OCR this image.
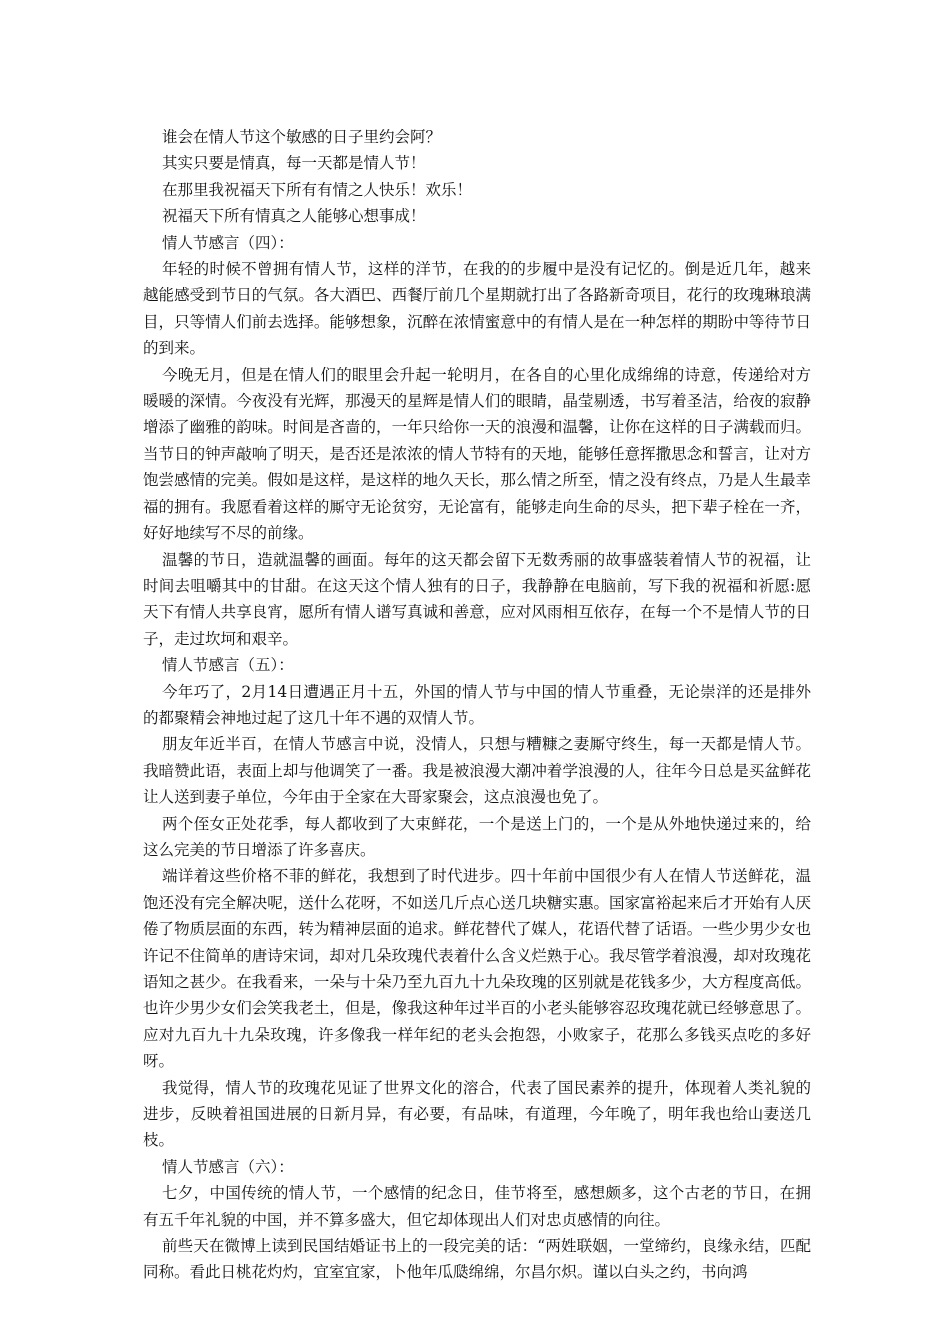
谁会在情人节这个敏感的日子里约会阿？

其实只要是情真，每一天都是情人节！

在那里我祝福天下所有有情之人快乐！欢乐！

祝福天下所有情真之人能够心想事成！

情人节感言（四）：

年轻的时候不曾拥有情人节，这样的洋节，在我的的步履中是没有记忆的。倒是近几年，越来越能感受到节日的气氛。各大酒巴、西餐厅前几个星期就打出了各路新奇项目，花行的玫瑰琳琅满目，只等情人们前去选择。能够想象，沉醉在浓情蜜意中的有情人是在一种怎样的期盼中等待节日的到来。

今晚无月，但是在情人们的眼里会升起一轮明月，在各自的心里化成绵绵的诗意，传递给对方暖暖的深情。今夜没有光辉，那漫天的星辉是情人们的眼睛，晶莹剔透，书写着圣洁，给夜的寂静增添了幽雅的韵味。时间是吝啬的，一年只给你一天的浪漫和温馨，让你在这样的日子满载而归。当节日的钟声敲响了明天，是否还是浓浓的情人节特有的天地，能够任意挥撒思念和誓言，让对方饱尝感情的完美。假如是这样，是这样的地久天长，那么情之所至，情之没有终点，乃是人生最幸福的拥有。我愿看着这样的厮守无论贫穷，无论富有，能够走向生命的尽头，把下辈子栓在一齐，好好地续写不尽的前缘。

温馨的节日，造就温馨的画面。每年的这天都会留下无数秀丽的故事盛装着情人节的祝福，让时间去咀嚼其中的甘甜。在这天这个情人独有的日子，我静静在电脑前，写下我的祝福和祈愿:愿天下有情人共享良宵，愿所有情人谱写真诚和善意，应对风雨相互依存，在每一个不是情人节的日子，走过坎坷和艰辛。

情人节感言（五）：

今年巧了，2月14日遭遇正月十五，外国的情人节与中国的情人节重叠，无论崇洋的还是排外的都聚精会神地过起了这几十年不遇的双情人节。

朋友年近半百，在情人节感言中说，没情人，只想与糟糠之妻厮守终生，每一天都是情人节。我暗赞此语，表面上却与他调笑了一番。我是被浪漫大潮冲着学浪漫的人，往年今日总是买盆鲜花让人送到妻子单位，今年由于全家在大哥家聚会，这点浪漫也免了。

两个侄女正处花季，每人都收到了大束鲜花，一个是送上门的，一个是从外地快递过来的，给这么完美的节日增添了许多喜庆。

端详着这些价格不菲的鲜花，我想到了时代进步。四十年前中国很少有人在情人节送鲜花，温饱还没有完全解决呢，送什么花呀，不如送几斤点心送几块糖实惠。国家富裕起来后才开始有人厌倦了物质层面的东西，转为精神层面的追求。鲜花替代了媒人，花语代替了话语。一些少男少女也许记不住简单的唐诗宋词，却对几朵玫瑰代表着什么含义烂熟于心。我尽管学着浪漫，却对玫瑰花语知之甚少。在我看来，一朵与十朵乃至九百九十九朵玫瑰的区别就是花钱多少，大方程度高低。也许少男少女们会笑我老土，但是，像我这种年过半百的小老头能够容忍玫瑰花就已经够意思了。应对九百九十九朵玫瑰，许多像我一样年纪的老头会抱怨，小败家子，花那么多钱买点吃的多好呀。

我觉得，情人节的玫瑰花见证了世界文化的溶合，代表了国民素养的提升，体现着人类礼貌的进步，反映着祖国进展的日新月异，有必要，有品味，有道理，今年晚了，明年我也给山妻送几枝。

情人节感言（六）：

七夕，中国传统的情人节，一个感情的纪念日，佳节将至，感想颇多，这个古老的节日，在拥有五千年礼貌的中国，并不算多盛大，但它却体现出人们对忠贞感情的向往。

前些天在微博上读到民国结婚证书上的一段完美的话：“两姓联姻，一堂缔约，良缘永结，匹配同称。看此日桃花灼灼，宜室宜家，卜他年瓜瓞绵绵，尔昌尔炽。谨以白头之约，书向鸿
